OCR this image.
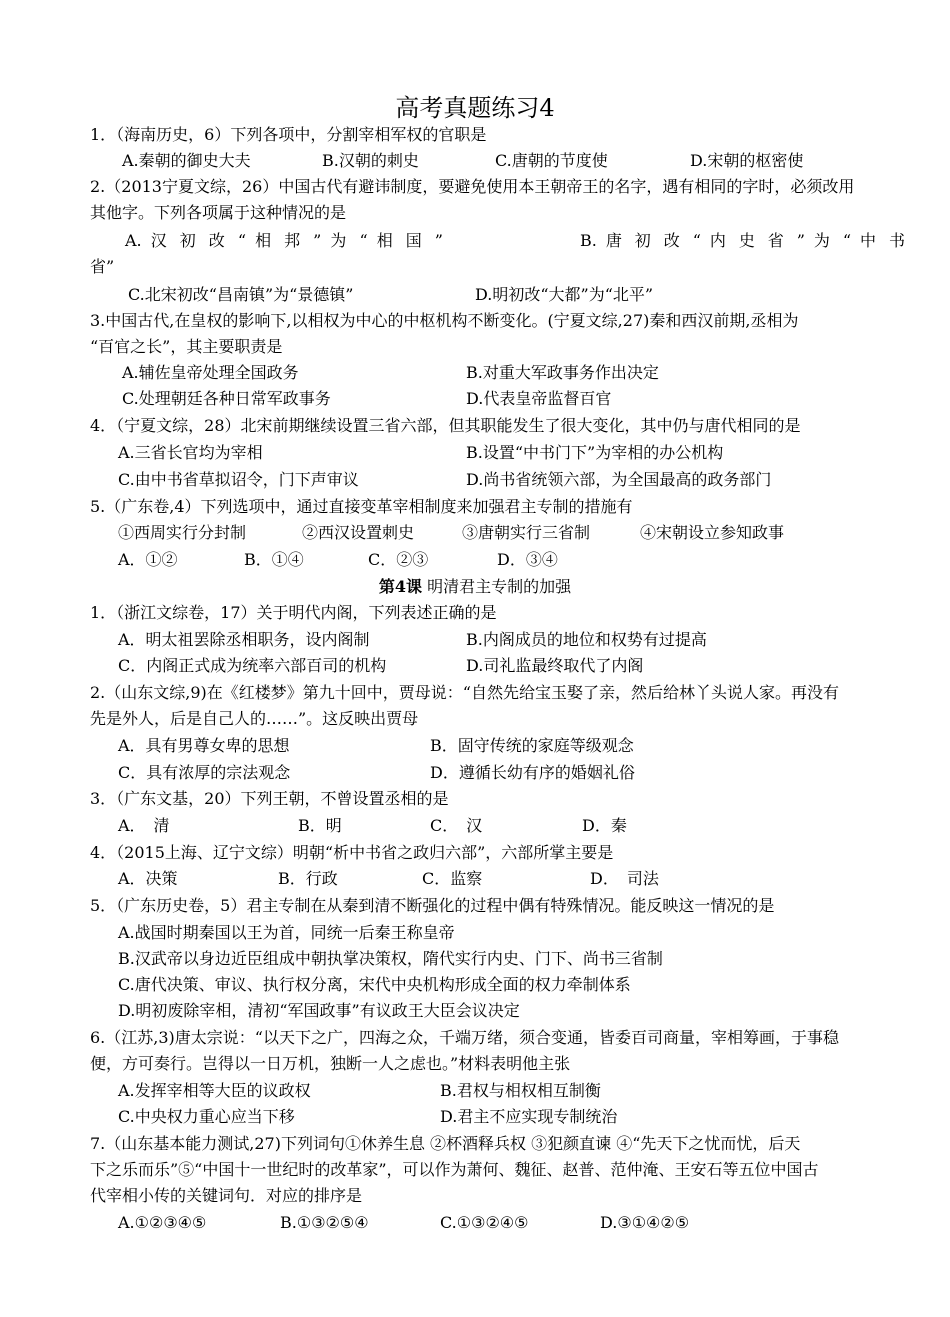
高考真题练习4
1．（海南历史，6）下列各项中，分割宰相军权的官职是
A.秦朝的御史大夫	B.汉朝的刺史	C.唐朝的节度使	D.宋朝的枢密使
2.（2013宁夏文综，26）中国古代有避讳制度，要避免使用本王朝帝王的名字，遇有相同的字时，必须改用
其他字。下列各项属于这种情况的是
A. 汉 初 改 “ 相 邦 ” 为 “ 相 国 ”	B. 唐 初 改 “ 内 史 省 ” 为 “ 中 书
省”
C.北宋初改“昌南镇”为“景德镇”	D.明初改“大都”为“北平”
3.中国古代,在皇权的影响下,以相权为中心的中枢机构不断变化。(宁夏文综,27)秦和西汉前期,丞相为
“百官之长”，其主要职责是
A.辅佐皇帝处理全国政务	B.对重大军政事务作出决定
C.处理朝廷各种日常军政事务	D.代表皇帝监督百官
4．（宁夏文综，28）北宋前期继续设置三省六部，但其职能发生了很大变化，其中仍与唐代相同的是
A.三省长官均为宰相	B.设置“中书门下”为宰相的办公机构
C.由中书省草拟诏令，门下声审议	D.尚书省统领六部，为全国最高的政务部门
5.（广东卷,4）下列选项中，通过直接变革宰相制度来加强君主专制的措施有
①西周实行分封制	②西汉设置刺史	③唐朝实行三省制	④宋朝设立参知政事
A．①②	B．①④	C．②③	D．③④
第4课 明清君主专制的加强
1．（浙江文综卷，17）关于明代内阁，下列表述正确的是
A．明太祖罢除丞相职务，设内阁制	B.内阁成员的地位和权势有过提高
C．内阁正式成为统率六部百司的机构	D.司礼监最终取代了内阁
2.（山东文综,9)在《红楼梦》第九十回中，贾母说：“自然先给宝玉娶了亲，然后给林丫头说人家。再没有
先是外人，后是自己人的……”。这反映出贾母
A．具有男尊女卑的思想	B．固守传统的家庭等级观念
C．具有浓厚的宗法观念	D．遵循长幼有序的婚姻礼俗
3．（广东文基，20）下列王朝，不曾设置丞相的是
A．　清	B．明	C．　汉	D．秦
4．（2015上海、辽宁文综）明朝“析中书省之政归六部”，六部所掌主要是
A．决策	B．行政	C．监察	D．　司法
5．（广东历史卷，5）君主专制在从秦到清不断强化的过程中偶有特殊情况。能反映这一情况的是
A.战国时期秦国以王为首，同统一后秦王称皇帝
B.汉武帝以身边近臣组成中朝执掌决策权，隋代实行内史、门下、尚书三省制
C.唐代决策、审议、执行权分离，宋代中央机构形成全面的权力牵制体系
D.明初废除宰相，清初“军国政事”有议政王大臣会议决定
6.（江苏,3)唐太宗说：“以天下之广，四海之众，千端万绪，须合变通，皆委百司商量，宰相筹画，于事稳
便，方可奏行。岂得以一日万机，独断一人之虑也。”材料表明他主张
A.发挥宰相等大臣的议政权	B.君权与相权相互制衡
C.中央权力重心应当下移	D.君主不应实现专制统治
7.（山东基本能力测试,27)下列词句①休养生息 ②杯酒释兵权 ③犯颜直谏 ④“先天下之忧而忧，后天
下之乐而乐”⑤“中国十一世纪时的改革家”，可以作为萧何、魏征、赵普、范仲淹、王安石等五位中国古
代宰相小传的关键词句．对应的排序是
A.①②③④⑤	B.①③②⑤④	C.①③②④⑤	D.③①④②⑤
